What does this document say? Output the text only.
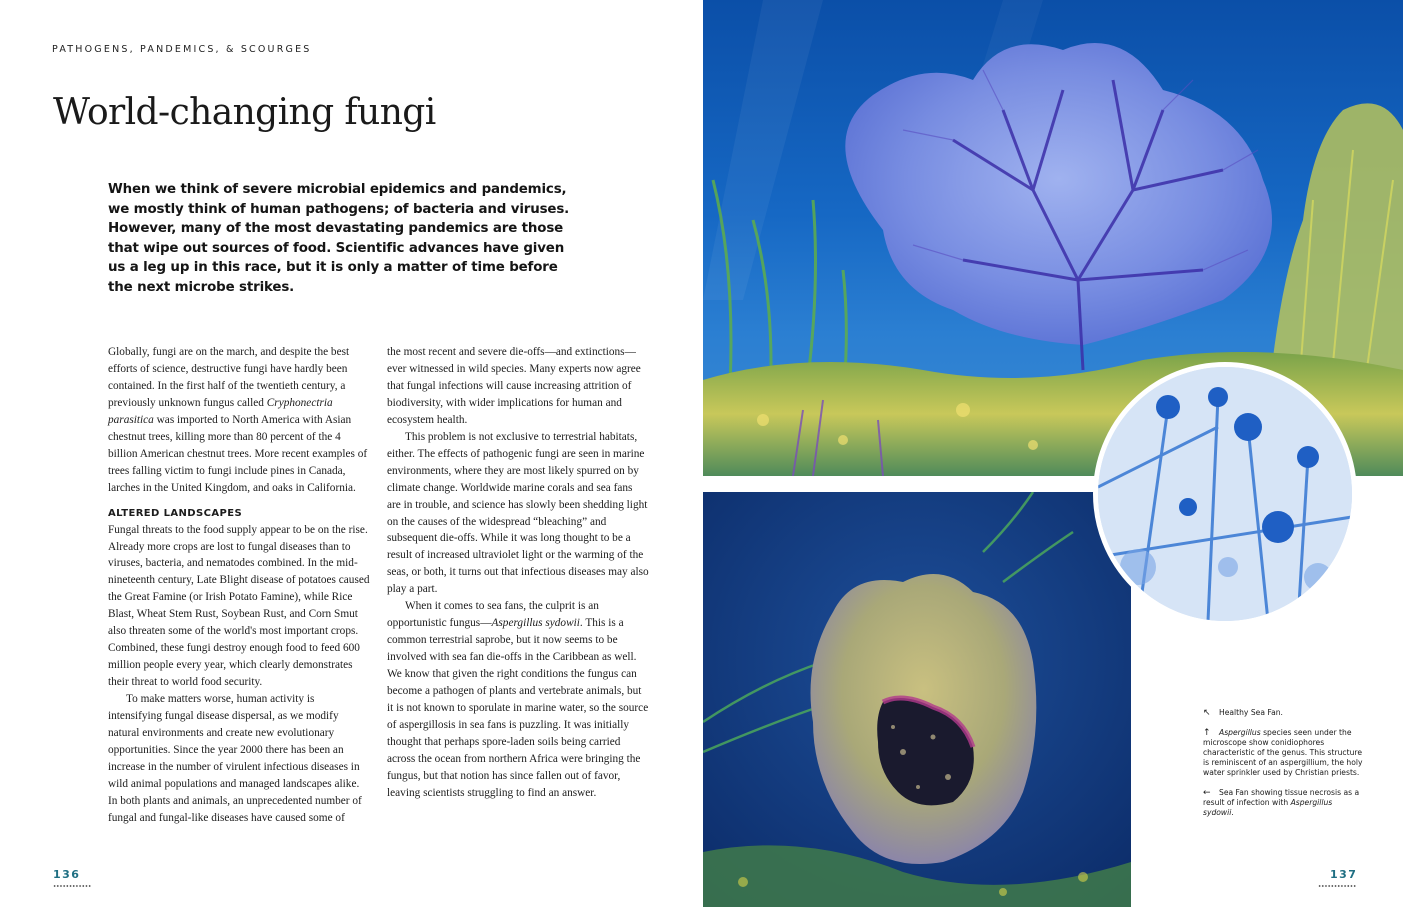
PATHOGENS, PANDEMICS, & SCOURGES
World-changing fungi

When we think of severe microbial epidemics and pandemics, we mostly think of human pathogens; of bacteria and viruses. However, many of the most devastating pandemics are those that wipe out sources of food. Scientific advances have given us a leg up in this race, but it is only a matter of time before the next microbe strikes.

Globally, fungi are on the march, and despite the best efforts of science, destructive fungi have hardly been contained. In the first half of the twentieth century, a previously unknown fungus called Cryphonectria parasitica was imported to North America with Asian chestnut trees, killing more than 80 percent of the 4 billion American chestnut trees. More recent examples of trees falling victim to fungi include pines in Canada, larches in the United Kingdom, and oaks in California.

ALTERED LANDSCAPES

Fungal threats to the food supply appear to be on the rise. Already more crops are lost to fungal diseases than to viruses, bacteria, and nematodes combined. In the mid-nineteenth century, Late Blight disease of potatoes caused the Great Famine (or Irish Potato Famine), while Rice Blast, Wheat Stem Rust, Soybean Rust, and Corn Smut also threaten some of the world's most important crops. Combined, these fungi destroy enough food to feed 600 million people every year, which clearly demonstrates their threat to world food security.

To make matters worse, human activity is intensifying fungal disease dispersal, as we modify natural environments and create new evolutionary opportunities. Since the year 2000 there has been an increase in the number of virulent infectious diseases in wild animal populations and managed landscapes alike. In both plants and animals, an unprecedented number of fungal and fungal-like diseases have caused some of

the most recent and severe die-offs—and extinctions—ever witnessed in wild species. Many experts now agree that fungal infections will cause increasing attrition of biodiversity, with wider implications for human and ecosystem health.

This problem is not exclusive to terrestrial habitats, either. The effects of pathogenic fungi are seen in marine environments, where they are most likely spurred on by climate change. Worldwide marine corals and sea fans are in trouble, and science has slowly been shedding light on the causes of the widespread “bleaching” and subsequent die-offs. While it was long thought to be a result of increased ultraviolet light or the warming of the seas, or both, it turns out that infectious diseases may also play a part.

When it comes to sea fans, the culprit is an opportunistic fungus—Aspergillus sydowii. This is a common terrestrial saprobe, but it now seems to be involved with sea fan die-offs in the Caribbean as well. We know that given the right conditions the fungus can become a pathogen of plants and vertebrate animals, but it is not known to sporulate in marine water, so the source of aspergillosis in sea fans is puzzling. It was initially thought that perhaps spore-laden soils being carried across the ocean from northern Africa were bringing the fungus, but that notion has since fallen out of favor, leaving scientists struggling to find an answer.

136
↖ Healthy Sea Fan.
↑ Aspergillus species seen under the microscope show conidiophores characteristic of the genus. This structure is reminiscent of an aspergillium, the holy water sprinkler used by Christian priests.
← Sea Fan showing tissue necrosis as a result of infection with Aspergillus sydowii.
137
